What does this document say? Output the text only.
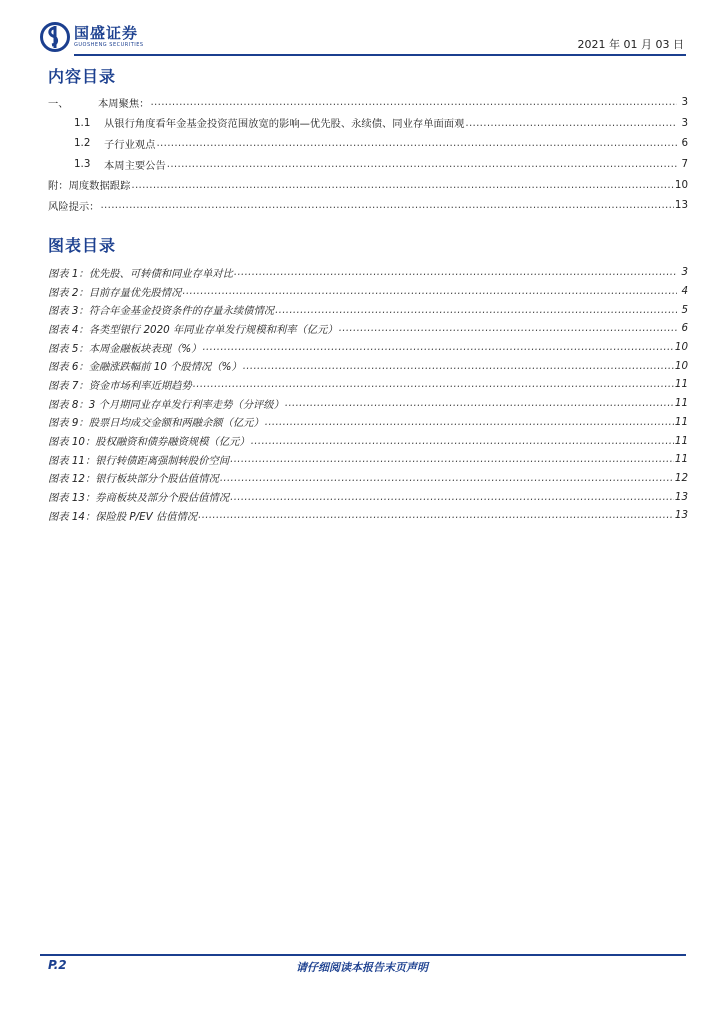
国盛证券
GUOSHENG SECURITIES	2021 年 01 月 03 日
内容目录
一、	本周聚焦： .....	3
1.1	从银行角度看年金基金投资范围放宽的影响—优先股、永续债、同业存单面面观 .....	3
1.2	子行业观点 .....	6
1.3	本周主要公告 .....	7
附：周度数据跟踪 .....	10
风险提示： .....	13
图表目录
图表 1：优先股、可转债和同业存单对比 .....	3
图表 2：目前存量优先股情况 .....	4
图表 3：符合年金基金投资条件的存量永续债情况 .....	5
图表 4：各类型银行 2020 年同业存单发行规模和利率（亿元） .....	6
图表 5：本周金融板块表现（%） .....	10
图表 6：金融涨跌幅前 10 个股情况（%） .....	10
图表 7：资金市场利率近期趋势 .....	11
图表 8：3 个月期同业存单发行利率走势（分评级） .....	11
图表 9：股票日均成交金额和两融余额（亿元） .....	11
图表 10：股权融资和债券融资规模（亿元） .....	11
图表 11：银行转债距离强制转股价空间 .....	11
图表 12：银行板块部分个股估值情况 .....	12
图表 13：券商板块及部分个股估值情况 .....	13
图表 14：保险股 P/EV 估值情况 .....	13
P.2	请仔细阅读本报告末页声明
